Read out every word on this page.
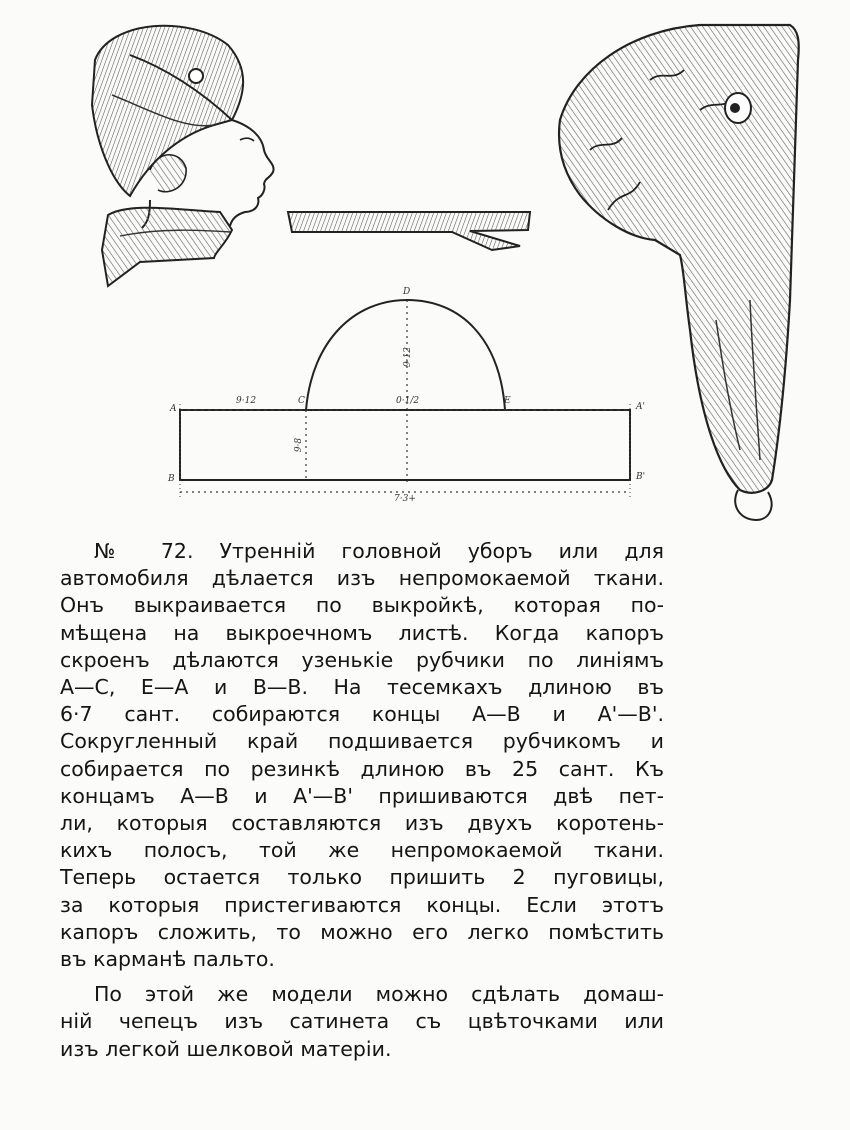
D
A
B
C	E
A'
B'
9·12
9·12
0·1/2
9·8
7·3+

№ 72. Утренній головной уборъ или для
автомобиля дѣлается изъ непромокаемой ткани.
Онъ выкраивается по выкройкѣ, которая по-
мѣщена на выкроечномъ листѣ. Когда капоръ
скроенъ дѣлаются узенькіе рубчики по линіямъ
А—С, Е—А и В—В. На тесемкахъ длиною въ
6·7 сант. собираются концы А—В и А'—В'.
Сокругленный край подшивается рубчикомъ и
собирается по резинкѣ длиною въ 25 сант. Къ
концамъ А—В и А'—В' пришиваются двѣ пет-
ли, которыя составляются изъ двухъ коротень-
кихъ полосъ, той же непромокаемой ткани.
Теперь остается только пришить 2 пуговицы,
за которыя пристегиваются концы. Если этотъ
капоръ сложить, то можно его легко помѣстить
въ карманѣ пальто.

По этой же модели можно сдѣлать домаш-
ній чепецъ изъ сатинета съ цвѣточками или
изъ легкой шелковой матеріи.
